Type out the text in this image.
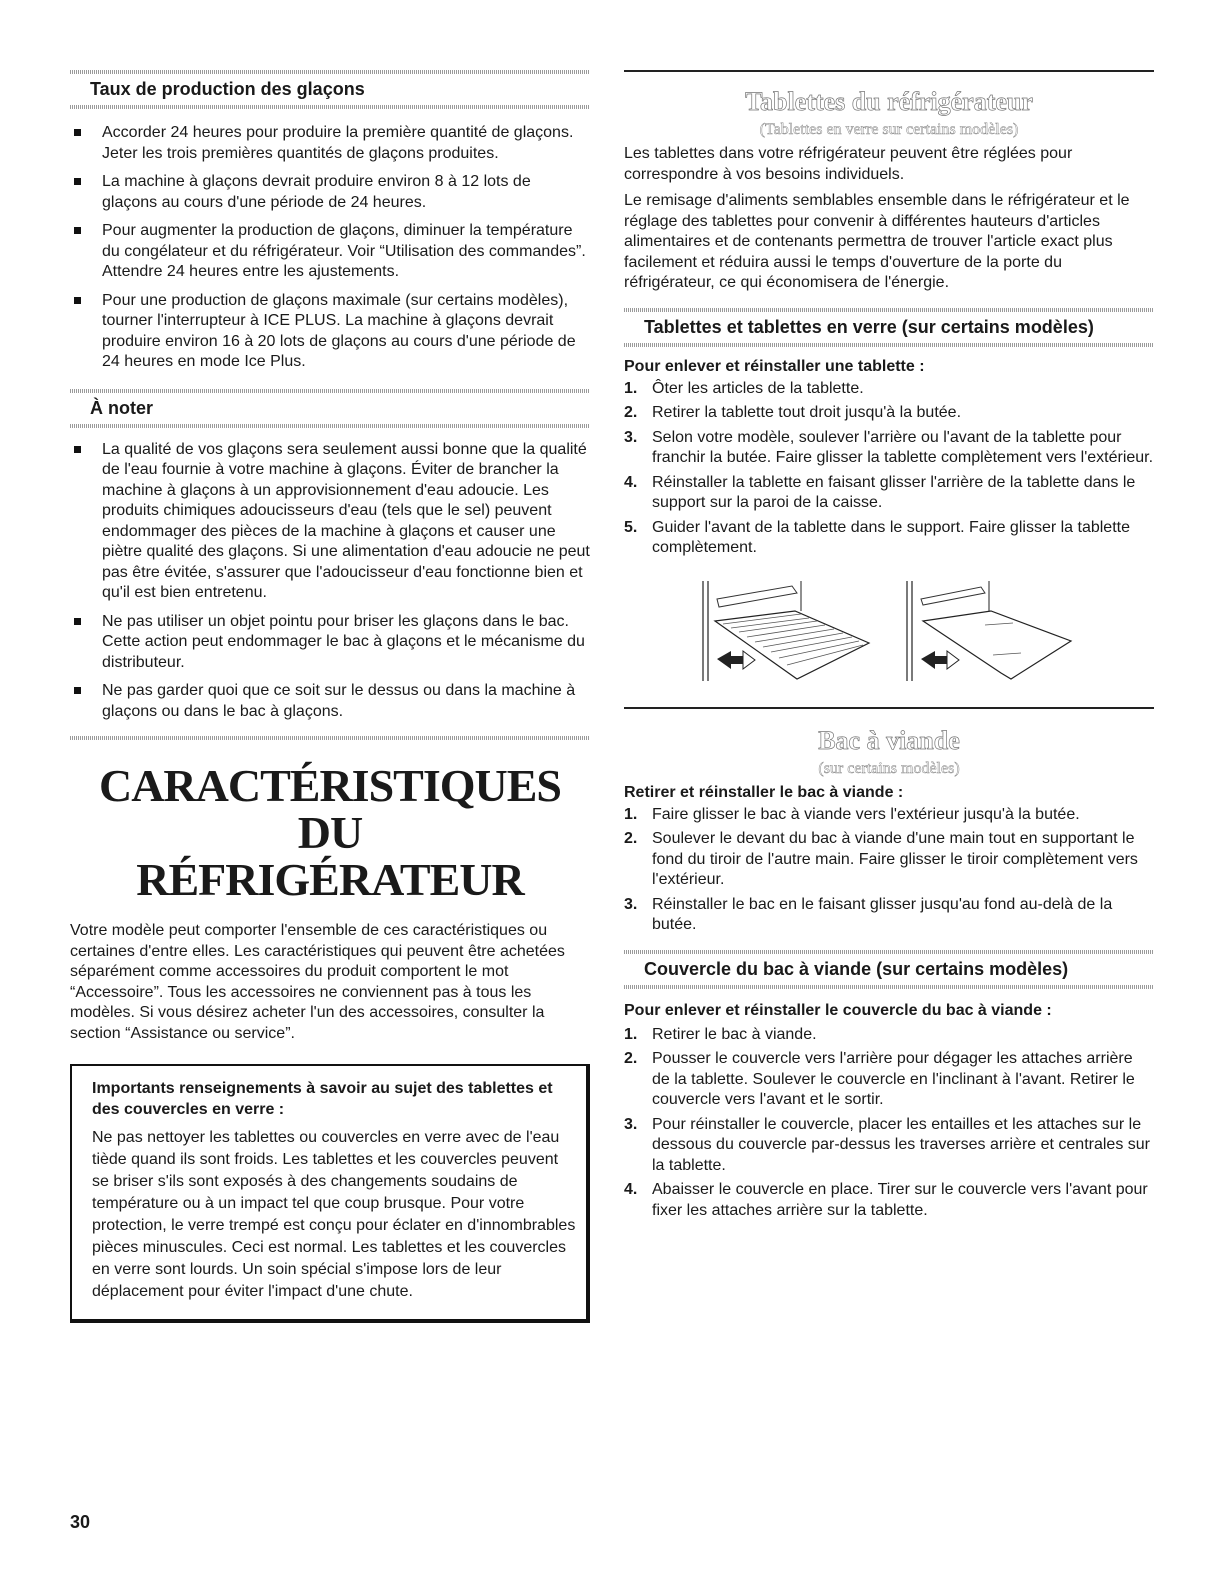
Taux de production des glaçons
Accorder 24 heures pour produire la première quantité de glaçons. Jeter les trois premières quantités de glaçons produites.
La machine à glaçons devrait produire environ 8 à 12 lots de glaçons au cours d'une période de 24 heures.
Pour augmenter la production de glaçons, diminuer la température du congélateur et du réfrigérateur. Voir “Utilisation des commandes”. Attendre 24 heures entre les ajustements.
Pour une production de glaçons maximale (sur certains modèles), tourner l'interrupteur à ICE PLUS. La machine à glaçons devrait produire environ 16 à 20 lots de glaçons au cours d'une période de 24 heures en mode Ice Plus.
À noter
La qualité de vos glaçons sera seulement aussi bonne que la qualité de l'eau fournie à votre machine à glaçons. Éviter de brancher la machine à glaçons à un approvisionnement d'eau adoucie. Les produits chimiques adoucisseurs d'eau (tels que le sel) peuvent endommager des pièces de la machine à glaçons et causer une piètre qualité des glaçons. Si une alimentation d'eau adoucie ne peut pas être évitée, s'assurer que l'adoucisseur d'eau fonctionne bien et qu'il est bien entretenu.
Ne pas utiliser un objet pointu pour briser les glaçons dans le bac. Cette action peut endommager le bac à glaçons et le mécanisme du distributeur.
Ne pas garder quoi que ce soit sur le dessus ou dans la machine à glaçons ou dans le bac à glaçons.
CARACTÉRISTIQUES DU
RÉFRIGÉRATEUR

Votre modèle peut comporter l'ensemble de ces caractéristiques ou certaines d'entre elles. Les caractéristiques qui peuvent être achetées séparément comme accessoires du produit comportent le mot “Accessoire”. Tous les accessoires ne conviennent pas à tous les modèles. Si vous désirez acheter l'un des accessoires, consulter la section “Assistance ou service”.

Importants renseignements à savoir au sujet des tablettes et des couvercles en verre :

Ne pas nettoyer les tablettes ou couvercles en verre avec de l'eau tiède quand ils sont froids. Les tablettes et les couvercles peuvent se briser s'ils sont exposés à des changements soudains de température ou à un impact tel que coup brusque. Pour votre protection, le verre trempé est conçu pour éclater en d'innombrables pièces minuscules. Ceci est normal. Les tablettes et les couvercles en verre sont lourds. Un soin spécial s'impose lors de leur déplacement pour éviter l'impact d'une chute.

Tablettes du réfrigérateur

(Tablettes en verre sur certains modèles)

Les tablettes dans votre réfrigérateur peuvent être réglées pour correspondre à vos besoins individuels.

Le remisage d'aliments semblables ensemble dans le réfrigérateur et le réglage des tablettes pour convenir à différentes hauteurs d'articles alimentaires et de contenants permettra de trouver l'article exact plus facilement et réduira aussi le temps d'ouverture de la porte du réfrigérateur, ce qui économisera de l'énergie.

Tablettes et tablettes en verre (sur certains modèles)

Pour enlever et réinstaller une tablette :

1. Ôter les articles de la tablette.
2. Retirer la tablette tout droit jusqu'à la butée.
3. Selon votre modèle, soulever l'arrière ou l'avant de la tablette pour franchir la butée. Faire glisser la tablette complètement vers l'extérieur.
4. Réinstaller la tablette en faisant glisser l'arrière de la tablette dans le support sur la paroi de la caisse.
5. Guider l'avant de la tablette dans le support. Faire glisser la tablette complètement.
Bac à viande

(sur certains modèles)

Retirer et réinstaller le bac à viande :

1. Faire glisser le bac à viande vers l'extérieur jusqu'à la butée.
2. Soulever le devant du bac à viande d'une main tout en supportant le fond du tiroir de l'autre main. Faire glisser le tiroir complètement vers l'extérieur.
3. Réinstaller le bac en le faisant glisser jusqu'au fond au-delà de la butée.
Couvercle du bac à viande (sur certains modèles)

Pour enlever et réinstaller le couvercle du bac à viande :

1. Retirer le bac à viande.
2. Pousser le couvercle vers l'arrière pour dégager les attaches arrière de la tablette. Soulever le couvercle en l'inclinant à l'avant. Retirer le couvercle vers l'avant et le sortir.
3. Pour réinstaller le couvercle, placer les entailles et les attaches sur le dessous du couvercle par-dessus les traverses arrière et centrales sur la tablette.
4. Abaisser le couvercle en place. Tirer sur le couvercle vers l'avant pour fixer les attaches arrière sur la tablette.
30
